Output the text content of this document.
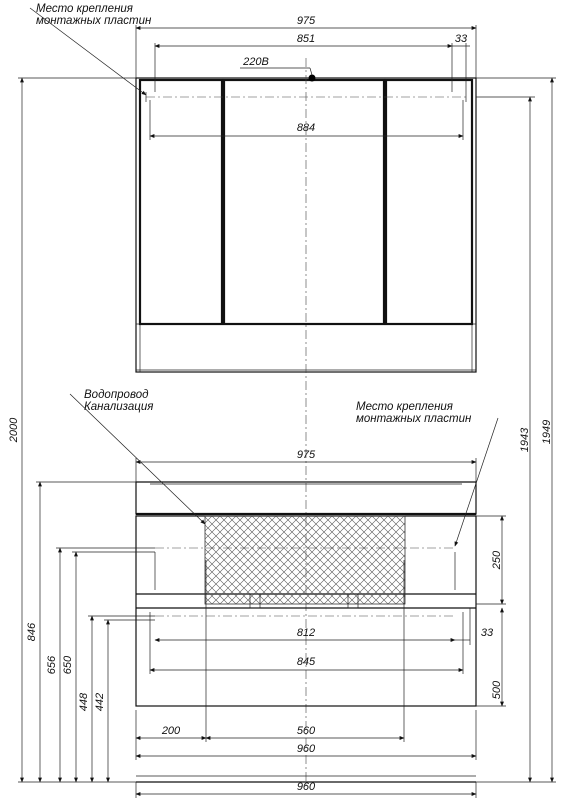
975
851	33
884
220В
Место крепления
монтажных пластин
975
812	33
845
200	560
960
960
Водопровод
Канализация	Место крепления
монтажных пластин
2000
846
656 650
448 442
1943 1949
250
500
